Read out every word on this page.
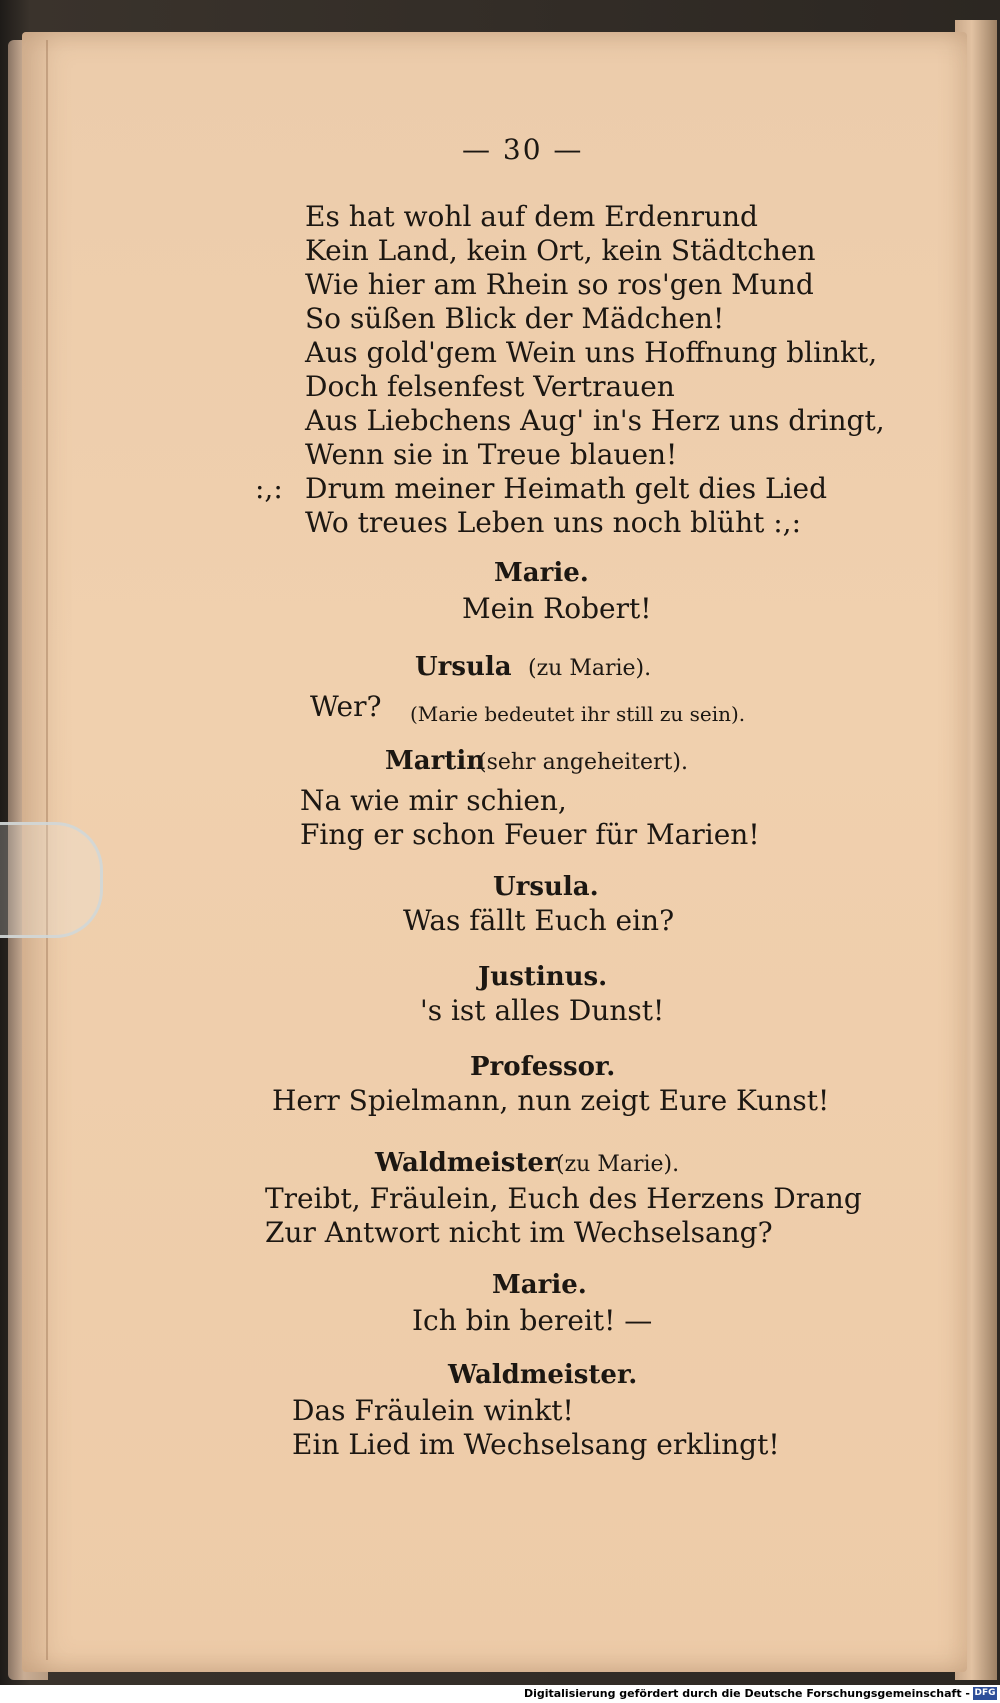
— 30 —
Es hat wohl auf dem Erdenrund
Kein Land, kein Ort, kein Städtchen
Wie hier am Rhein so ros'gen Mund
So süßen Blick der Mädchen!
Aus gold'gem Wein uns Hoffnung blinkt,
Doch felsenfest Vertrauen
Aus Liebchens Aug' in's Herz uns dringt,
Wenn sie in Treue blauen!
:,: Drum meiner Heimath gelt dies Lied
Wo treues Leben uns noch blüht :,:
Marie.
Mein Robert!
Ursula (zu Marie).
Wer? (Marie bedeutet ihr still zu sein).
Martin
(sehr angeheitert).
Na wie mir schien,
Fing er schon Feuer für Marien!
Ursula.
Was fällt Euch ein?
Justinus.
's ist alles Dunst!
Professor.
Herr Spielmann, nun zeigt Eure Kunst!
Waldmeister
(zu Marie).
Treibt, Fräulein, Euch des Herzens Drang
Zur Antwort nicht im Wechselsang?
Marie.
Ich bin bereit! —
Waldmeister.
Das Fräulein winkt!
Ein Lied im Wechselsang erklingt!
Digitalisierung gefördert durch die Deutsche Forschungsgemeinschaft - DFG
